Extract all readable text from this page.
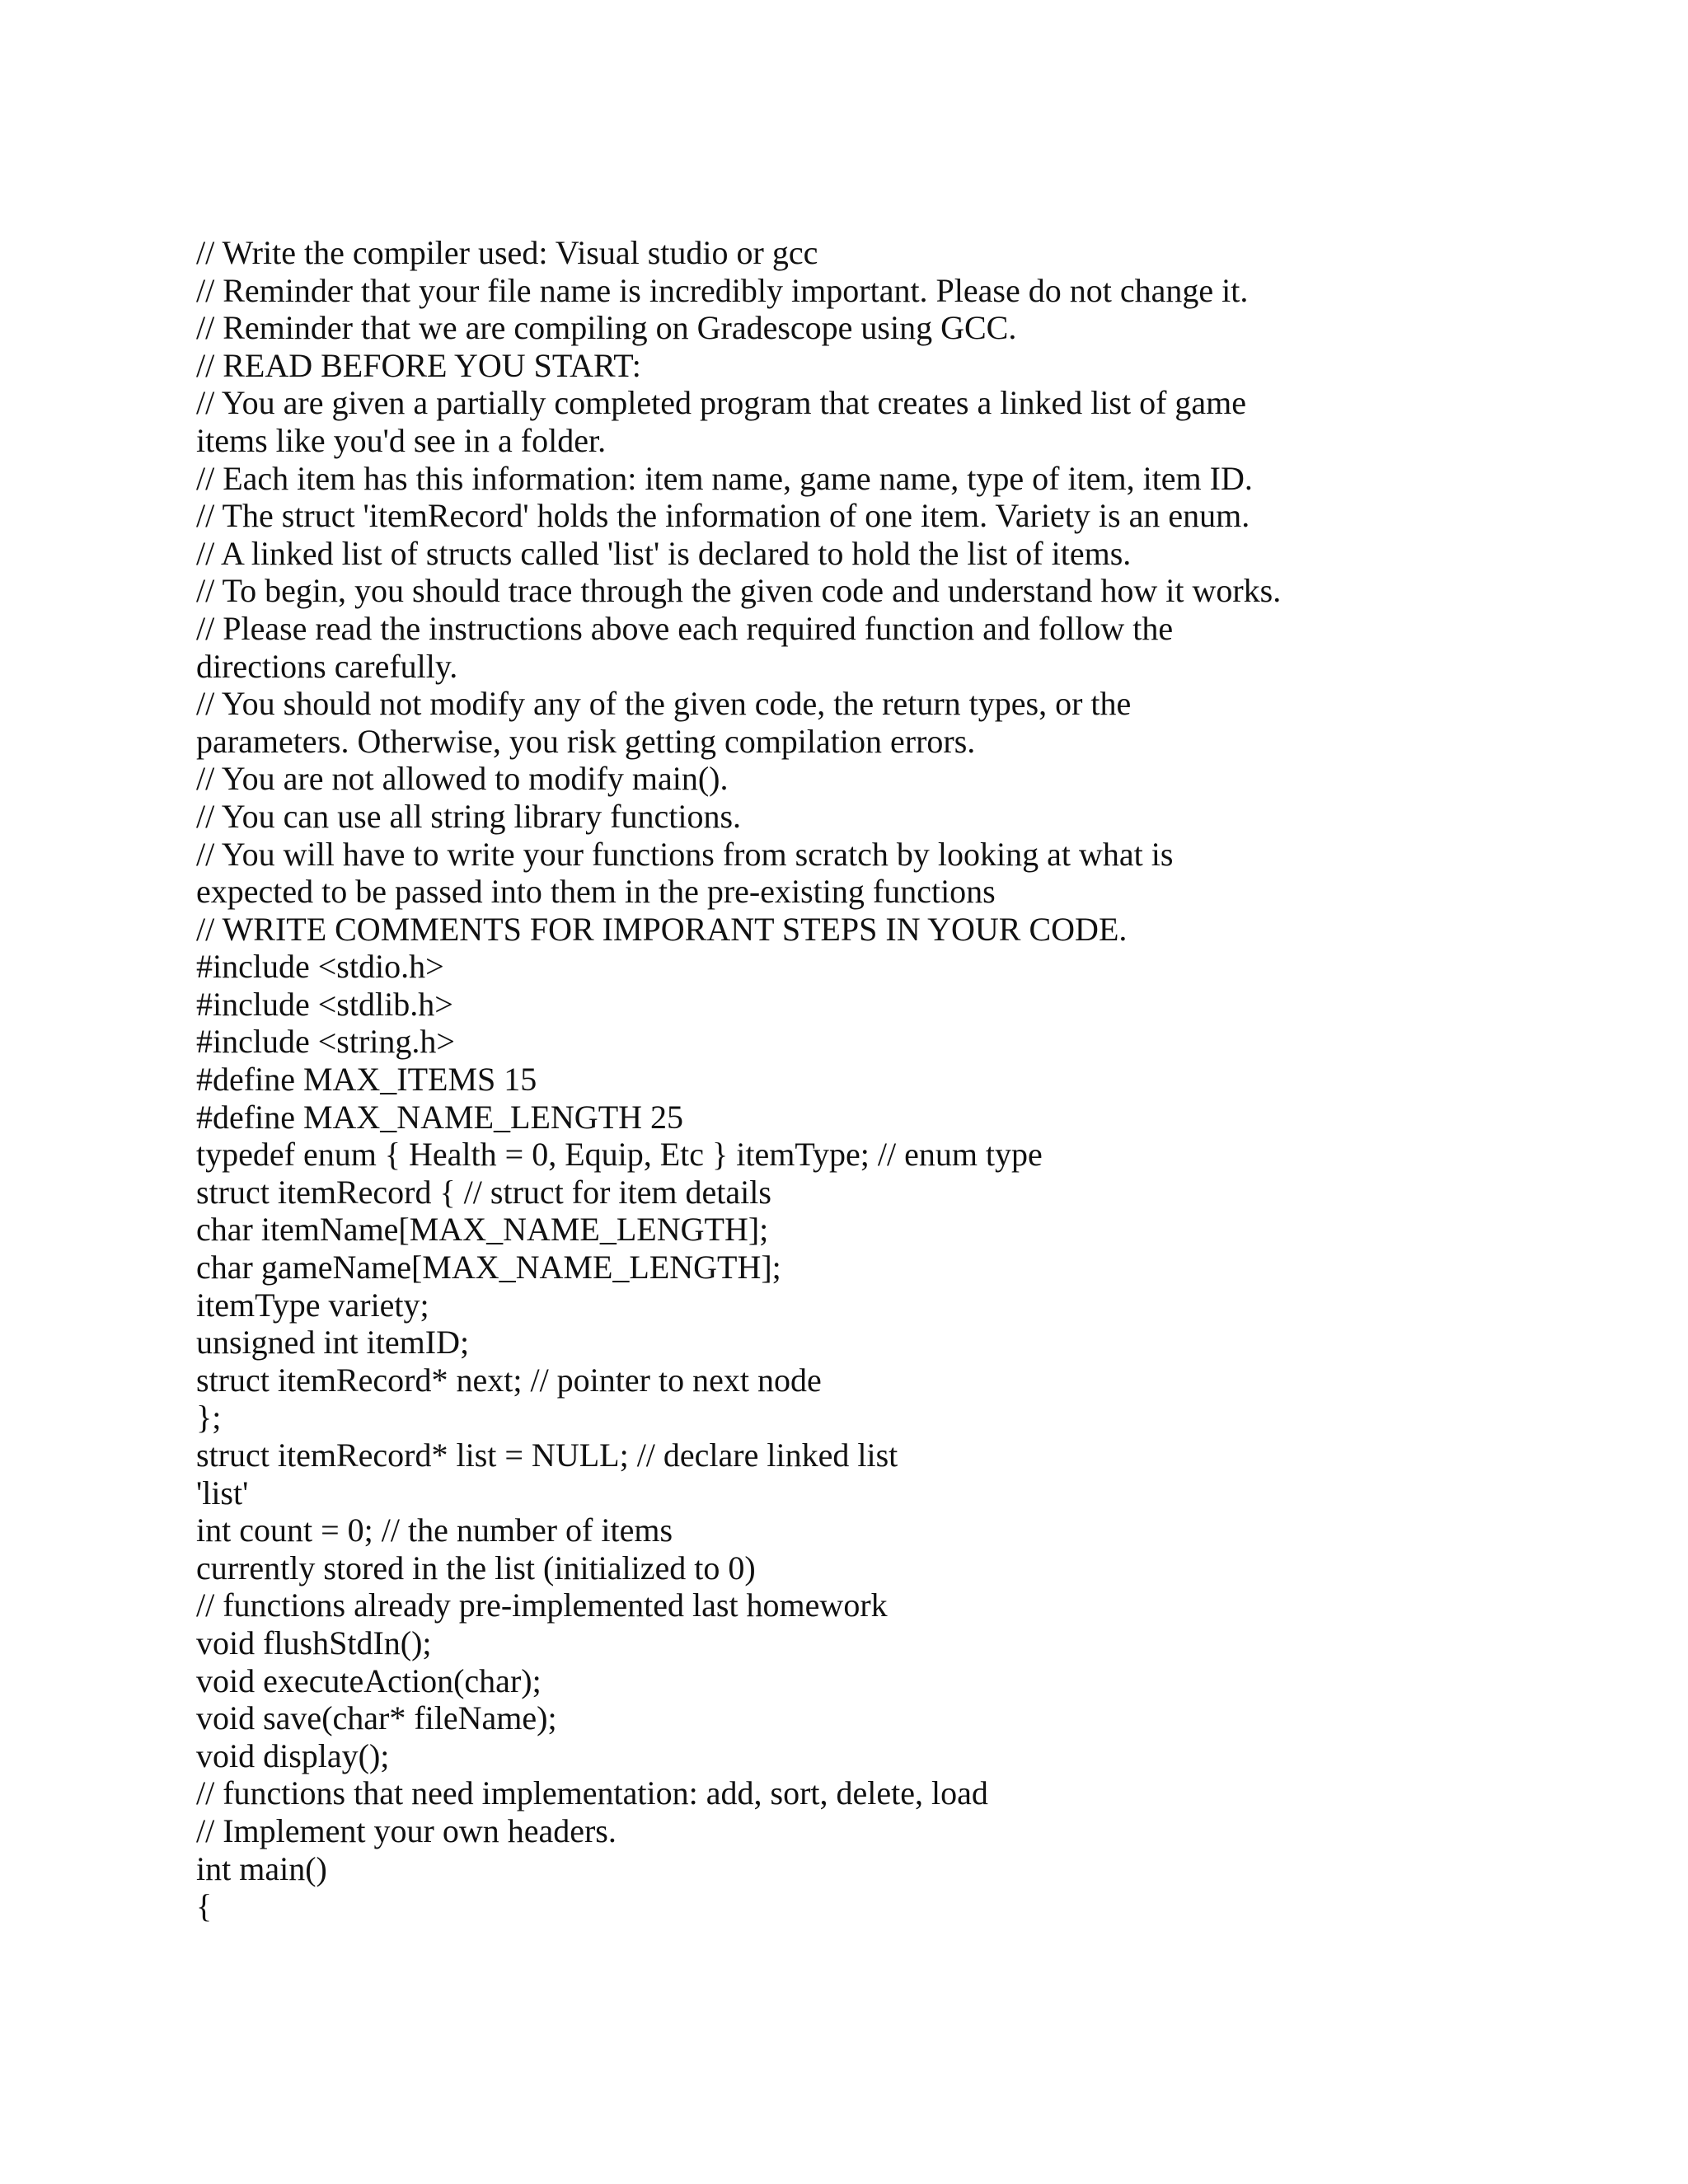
// Write the compiler used: Visual studio or gcc
// Reminder that your file name is incredibly important. Please do not change it.
// Reminder that we are compiling on Gradescope using GCC.
// READ BEFORE YOU START:
// You are given a partially completed program that creates a linked list of game
items like you'd see in a folder.
// Each item has this information: item name, game name, type of item, item ID.
// The struct 'itemRecord' holds the information of one item. Variety is an enum.
// A linked list of structs called 'list' is declared to hold the list of items.
// To begin, you should trace through the given code and understand how it works.
// Please read the instructions above each required function and follow the
directions carefully.
// You should not modify any of the given code, the return types, or the
parameters. Otherwise, you risk getting compilation errors.
// You are not allowed to modify main().
// You can use all string library functions.
// You will have to write your functions from scratch by looking at what is
expected to be passed into them in the pre-existing functions
// WRITE COMMENTS FOR IMPORANT STEPS IN YOUR CODE.
#include <stdio.h>
#include <stdlib.h>
#include <string.h>
#define MAX_ITEMS 15
#define MAX_NAME_LENGTH 25
typedef enum { Health = 0, Equip, Etc } itemType; // enum type
struct itemRecord { // struct for item details
char itemName[MAX_NAME_LENGTH];
char gameName[MAX_NAME_LENGTH];
itemType variety;
unsigned int itemID;
struct itemRecord* next; // pointer to next node
};
struct itemRecord* list = NULL; // declare linked list
'list'
int count = 0; // the number of items
currently stored in the list (initialized to 0)
// functions already pre-implemented last homework
void flushStdIn();
void executeAction(char);
void save(char* fileName);
void display();
// functions that need implementation: add, sort, delete, load
// Implement your own headers.
int main()
{
